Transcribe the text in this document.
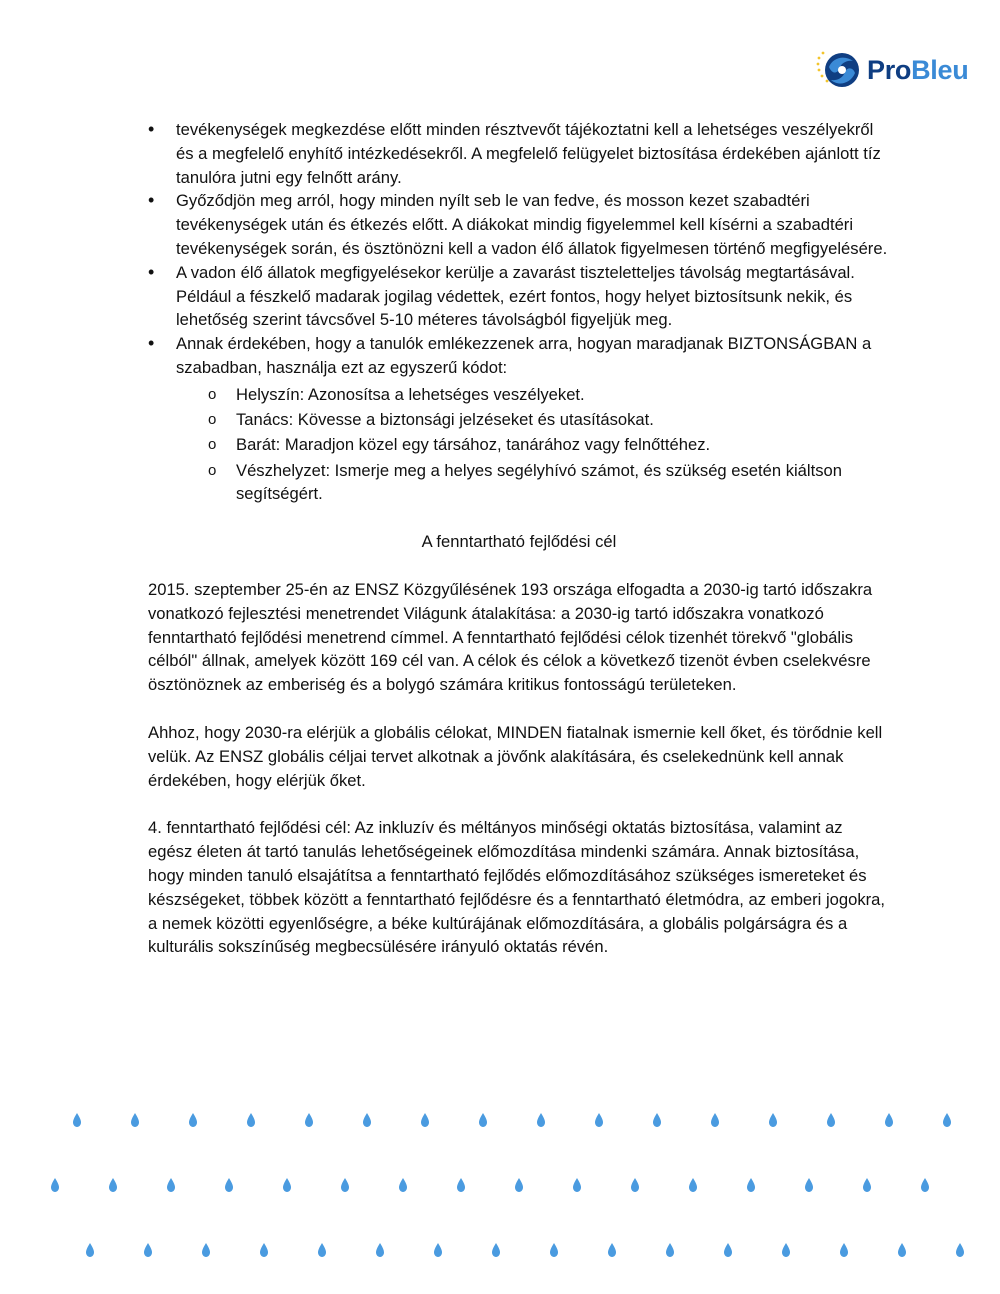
ProBleu
• tevékenységek megkezdése előtt minden résztvevőt tájékoztatni kell a lehetséges veszélyekről és a megfelelő enyhítő intézkedésekről. A megfelelő felügyelet biztosítása érdekében ajánlott tíz tanulóra jutni egy felnőtt arány.
• Győződjön meg arról, hogy minden nyílt seb le van fedve, és mosson kezet szabadtéri tevékenységek után és étkezés előtt. A diákokat mindig figyelemmel kell kísérni a szabadtéri tevékenységek során, és ösztönözni kell a vadon élő állatok figyelmesen történő megfigyelésére.
• A vadon élő állatok megfigyelésekor kerülje a zavarást tiszteletteljes távolság megtartásával. Például a fészkelő madarak jogilag védettek, ezért fontos, hogy helyet biztosítsunk nekik, és lehetőség szerint távcsővel 5-10 méteres távolságból figyeljük meg.
• Annak érdekében, hogy a tanulók emlékezzenek arra, hogyan maradjanak BIZTONSÁGBAN a szabadban, használja ezt az egyszerű kódot:
o Helyszín: Azonosítsa a lehetséges veszélyeket.
o Tanács: Kövesse a biztonsági jelzéseket és utasításokat.
o Barát: Maradjon közel egy társához, tanárához vagy felnőttéhez.
o Vészhelyzet: Ismerje meg a helyes segélyhívó számot, és szükség esetén kiáltson segítségért.
A fenntartható fejlődési cél

2015. szeptember 25-én az ENSZ Közgyűlésének 193 országa elfogadta a 2030-ig tartó időszakra vonatkozó fejlesztési menetrendet Világunk átalakítása: a 2030-ig tartó időszakra vonatkozó fenntartható fejlődési menetrend címmel. A fenntartható fejlődési célok tizenhét törekvő "globális célból" állnak, amelyek között 169 cél van. A célok és célok a következő tizenöt évben cselekvésre ösztönöznek az emberiség és a bolygó számára kritikus fontosságú területeken.

Ahhoz, hogy 2030-ra elérjük a globális célokat, MINDEN fiatalnak ismernie kell őket, és törődnie kell velük. Az ENSZ globális céljai tervet alkotnak a jövőnk alakítására, és cselekednünk kell annak érdekében, hogy elérjük őket.

4. fenntartható fejlődési cél: Az inkluzív és méltányos minőségi oktatás biztosítása, valamint az egész életen át tartó tanulás lehetőségeinek előmozdítása mindenki számára. Annak biztosítása, hogy minden tanuló elsajátítsa a fenntartható fejlődés előmozdításához szükséges ismereteket és készségeket, többek között a fenntartható fejlődésre és a fenntartható életmódra, az emberi jogokra, a nemek közötti egyenlőségre, a béke kultúrájának előmozdítására, a globális polgárságra és a kulturális sokszínűség megbecsülésére irányuló oktatás révén.
